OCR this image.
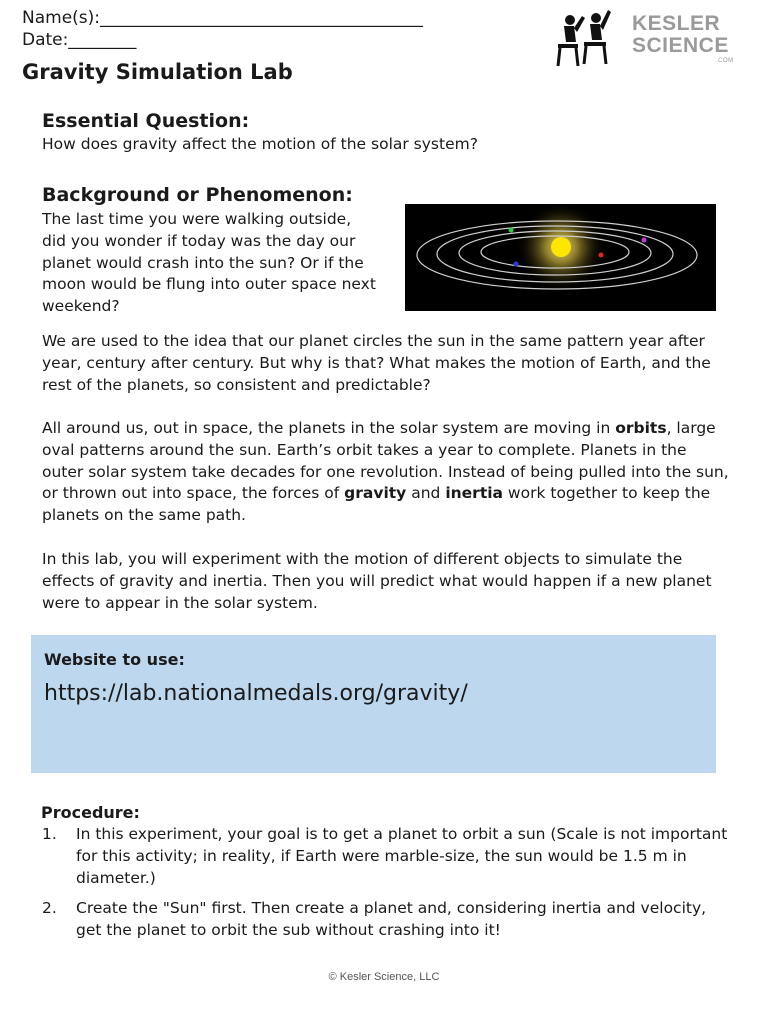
Name(s):______________________________________
Date:________
KESLER
SCIENCE
.COM
Gravity Simulation Lab
Essential Question:
How does gravity affect the motion of the solar system?
Background or Phenomenon:
The last time you were walking outside, did you wonder if today was the day our planet would crash into the sun? Or if the moon would be flung into outer space next weekend?

We are used to the idea that our planet circles the sun in the same pattern year after year, century after century. But why is that? What makes the motion of Earth, and the rest of the planets, so consistent and predictable?

All around us, out in space, the planets in the solar system are moving in orbits, large oval patterns around the sun. Earth’s orbit takes a year to complete. Planets in the outer solar system take decades for one revolution. Instead of being pulled into the sun, or thrown out into space, the forces of gravity and inertia work together to keep the planets on the same path.

In this lab, you will experiment with the motion of different objects to simulate the effects of gravity and inertia. Then you will predict what would happen if a new planet were to appear in the solar system.

Website to use:
https://lab.nationalmedals.org/gravity/
Procedure:
1. In this experiment, your goal is to get a planet to orbit a sun (Scale is not important for this activity; in reality, if Earth were marble-size, the sun would be 1.5 m in diameter.)
2. Create the "Sun" first. Then create a planet and, considering inertia and velocity, get the planet to orbit the sub without crashing into it!
© Kesler Science, LLC
